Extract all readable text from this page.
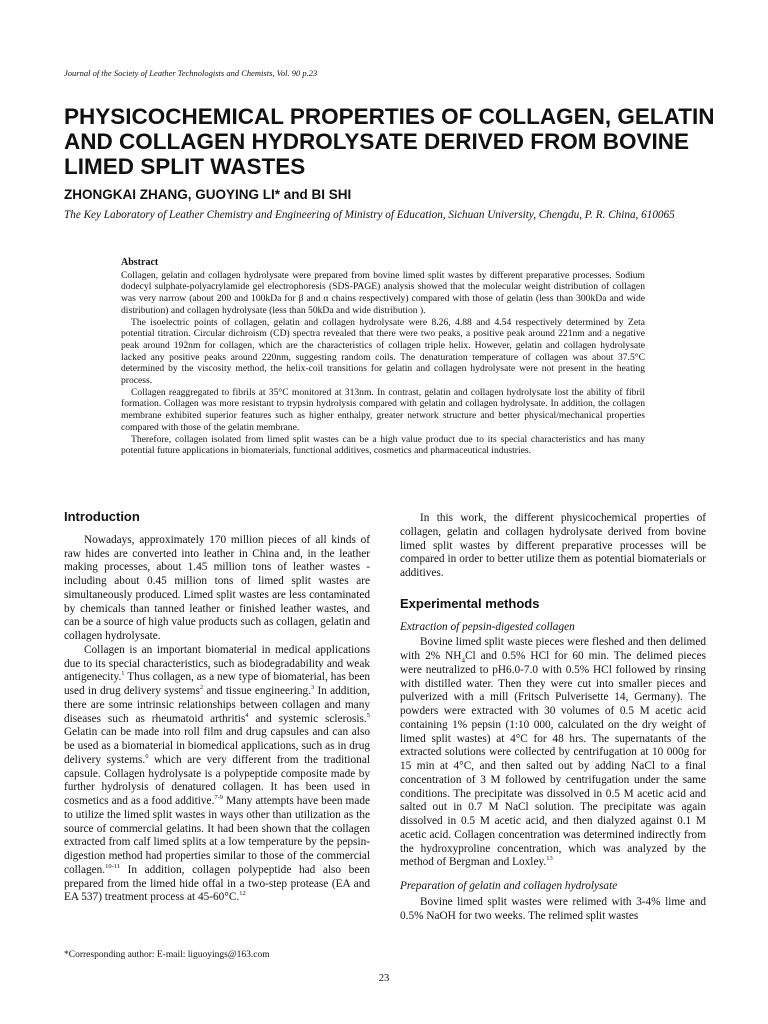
Journal of the Society of Leather Technologists and Chemists, Vol. 90 p.23
PHYSICOCHEMICAL PROPERTIES OF COLLAGEN, GELATIN AND COLLAGEN HYDROLYSATE DERIVED FROM BOVINE LIMED SPLIT WASTES
ZHONGKAI ZHANG, GUOYING LI* and BI SHI
The Key Laboratory of Leather Chemistry and Engineering of Ministry of Education, Sichuan University, Chengdu, P. R. China, 610065
Abstract

Collagen, gelatin and collagen hydrolysate were prepared from bovine limed split wastes by different preparative processes. Sodium dodecyl sulphate-polyacrylamide gel electrophoresis (SDS-PAGE) analysis showed that the molecular weight distribution of collagen was very narrow (about 200 and 100kDa for β and α chains respectively) compared with those of gelatin (less than 300kDa and wide distribution) and collagen hydrolysate (less than 50kDa and wide distribution ).

The isoelectric points of collagen, gelatin and collagen hydrolysate were 8.26, 4.88 and 4.54 respectively determined by Zeta potential titration. Circular dichroism (CD) spectra revealed that there were two peaks, a positive peak around 221nm and a negative peak around 192nm for collagen, which are the characteristics of collagen triple helix. However, gelatin and collagen hydrolysate lacked any positive peaks around 220nm, suggesting random coils. The denaturation temperature of collagen was about 37.5°C determined by the viscosity method, the helix-coil transitions for gelatin and collagen hydrolysate were not present in the heating process.

Collagen reaggregated to fibrils at 35°C monitored at 313nm. In contrast, gelatin and collagen hydrolysate lost the ability of fibril formation. Collagen was more resistant to trypsin hydrolysis compared with gelatin and collagen hydrolysate. In addition, the collagen membrane exhibited superior features such as higher enthalpy, greater network structure and better physical/mechanical properties compared with those of the gelatin membrane.

Therefore, collagen isolated from limed split wastes can be a high value product due to its special characteristics and has many potential future applications in biomaterials, functional additives, cosmetics and pharmaceutical industries.

Introduction

Nowadays, approximately 170 million pieces of all kinds of raw hides are converted into leather in China and, in the leather making processes, about 1.45 million tons of leather wastes - including about 0.45 million tons of limed split wastes are simultaneously produced. Limed split wastes are less contaminated by chemicals than tanned leather or finished leather wastes, and can be a source of high value products such as collagen, gelatin and collagen hydrolysate.

Collagen is an important biomaterial in medical applications due to its special characteristics, such as biodegradability and weak antigenecity.$^1$ Thus collagen, as a new type of biomaterial, has been used in drug delivery systems$^2$ and tissue engineering.$^3$ In addition, there are some intrinsic relationships between collagen and many diseases such as rheumatoid arthritis$^4$ and systemic sclerosis.$^5$ Gelatin can be made into roll film and drug capsules and can also be used as a biomaterial in biomedical applications, such as in drug delivery systems.$^6$ which are very different from the traditional capsule. Collagen hydrolysate is a polypeptide composite made by further hydrolysis of denatured collagen. It has been used in cosmetics and as a food additive.$^{7-9}$ Many attempts have been made to utilize the limed split wastes in ways other than utilization as the source of commercial gelatins. It had been shown that the collagen extracted from calf limed splits at a low temperature by the pepsin-digestion method had properties similar to those of the commercial collagen.$^{10-11}$ In addition, collagen polypeptide had also been prepared from the limed hide offal in a two-step protease (EA and EA 537) treatment process at 45-60°C.$^{12}$

In this work, the different physicochemical properties of collagen, gelatin and collagen hydrolysate derived from bovine limed split wastes by different preparative processes will be compared in order to better utilize them as potential biomaterials or additives.

Experimental methods
Extraction of pepsin-digested collagen

Bovine limed split waste pieces were fleshed and then delimed with 2% $NH_4Cl$ and 0.5% HCl for 60 min. The delimed pieces were neutralized to pH6.0-7.0 with 0.5% HCl followed by rinsing with distilled water. Then they were cut into smaller pieces and pulverized with a mill (Fritsch Pulverisette 14, Germany). The powders were extracted with 30 volumes of 0.5 M acetic acid containing 1% pepsin (1:10 000, calculated on the dry weight of limed split wastes) at 4°C for 48 hrs. The supernatants of the extracted solutions were collected by centrifugation at 10 000g for 15 min at 4°C, and then salted out by adding NaCl to a final concentration of 3 M followed by centrifugation under the same conditions. The precipitate was dissolved in 0.5 M acetic acid and salted out in 0.7 M NaCl solution. The precipitate was again dissolved in 0.5 M acetic acid, and then dialyzed against 0.1 M acetic acid. Collagen concentration was determined indirectly from the hydroxyproline concentration, which was analyzed by the method of Bergman and Loxley.$^{13}$

Preparation of gelatin and collagen hydrolysate

Bovine limed split wastes were relimed with 3-4% lime and 0.5% NaOH for two weeks. The relimed split wastes

*Corresponding author: E-mail: liguoyings@163.com
23
